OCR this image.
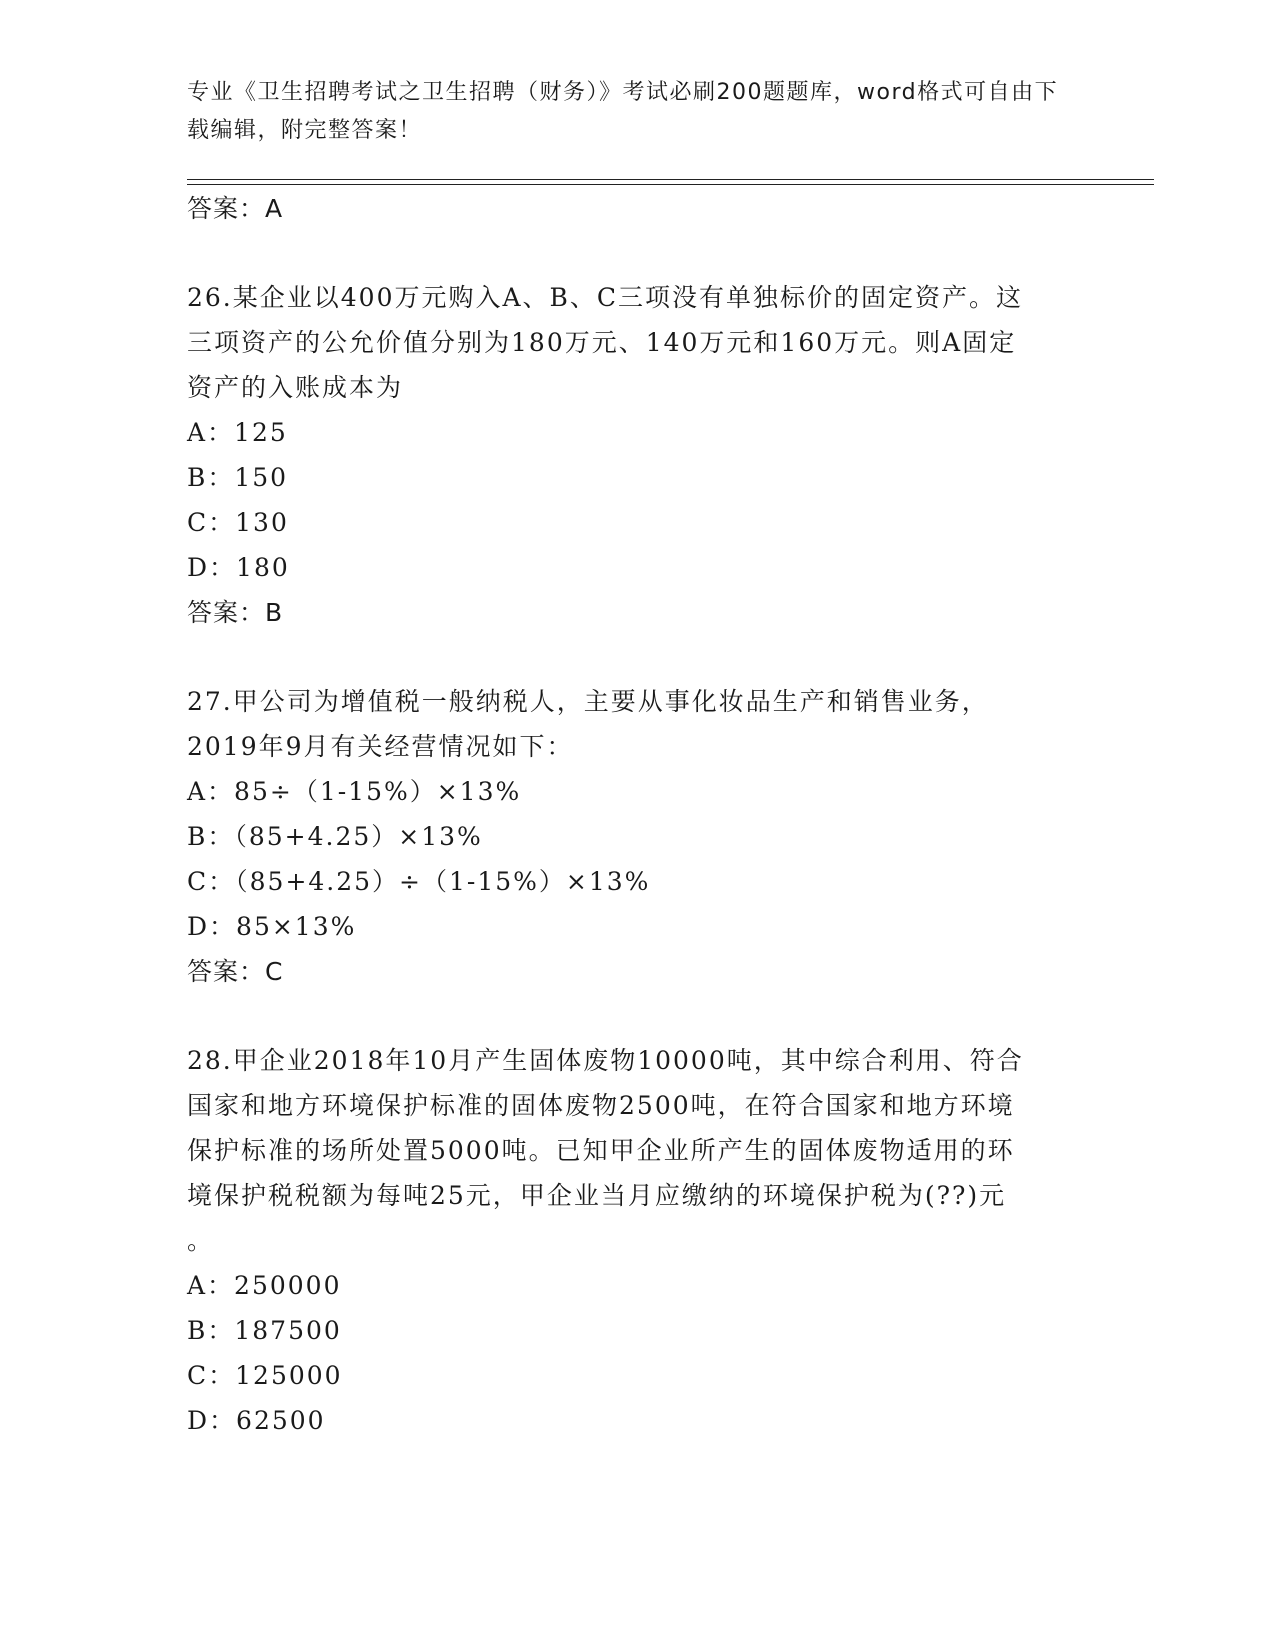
专业《卫生招聘考试之卫生招聘（财务）》考试必刷200题题库，word格式可自由下载编辑，附完整答案！
答案：A
26.某企业以400万元购入A、B、C三项没有单独标价的固定资产。这
三项资产的公允价值分别为180万元、140万元和160万元。则A固定
资产的入账成本为
A：125
B：150
C：130
D：180
答案：B
27.甲公司为增值税一般纳税人，主要从事化妆品生产和销售业务，
2019年9月有关经营情况如下：
A：85÷（1-15%）×13%
B：（85+4.25）×13%
C：（85+4.25）÷（1-15%）×13%
D：85×13%
答案：C
28.甲企业2018年10月产生固体废物10000吨，其中综合利用、符合
国家和地方环境保护标准的固体废物2500吨，在符合国家和地方环境
保护标准的场所处置5000吨。已知甲企业所产生的固体废物适用的环
境保护税税额为每吨25元，甲企业当月应缴纳的环境保护税为(??)元
。
A：250000
B：187500
C：125000
D：62500
